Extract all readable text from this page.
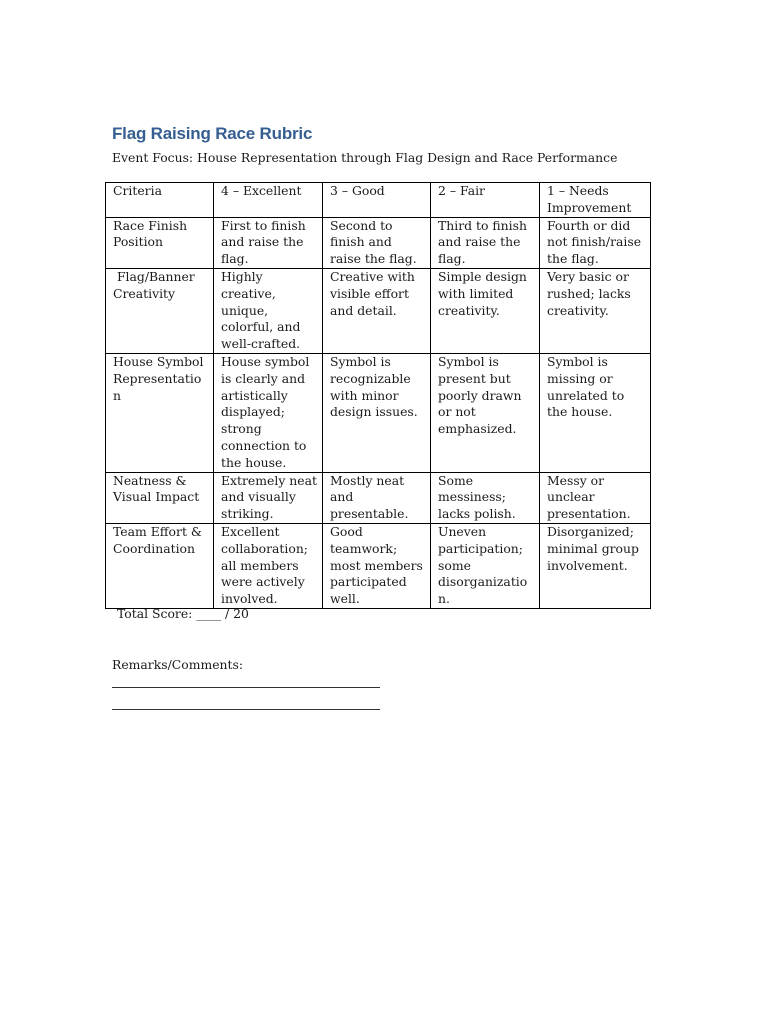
Flag Raising Race Rubric
Event Focus: House Representation through Flag Design and Race Performance
Criteria	4 – Excellent	3 – Good	2 – Fair	1 – Needs Improvement
Race Finish Position	First to finish and raise the flag.	Second to finish and raise the flag.	Third to finish and raise the flag.	Fourth or did not finish/raise the flag.
Flag/Banner Creativity	Highly creative, unique, colorful, and well-crafted.	Creative with visible effort and detail.	Simple design with limited creativity.	Very basic or rushed; lacks creativity.
House Symbol Representation	House symbol is clearly and artistically displayed; strong connection to the house.	Symbol is recognizable with minor design issues.	Symbol is present but poorly drawn or not emphasized.	Symbol is missing or unrelated to the house.
Neatness & Visual Impact	Extremely neat and visually striking.	Mostly neat and presentable.	Some messiness; lacks polish.	Messy or unclear presentation.
Team Effort & Coordination	Excellent collaboration; all members were actively involved.	Good teamwork; most members participated well.	Uneven participation; some disorganization.	Disorganized; minimal group involvement.
Total Score: ____ / 20
Remarks/Comments:
